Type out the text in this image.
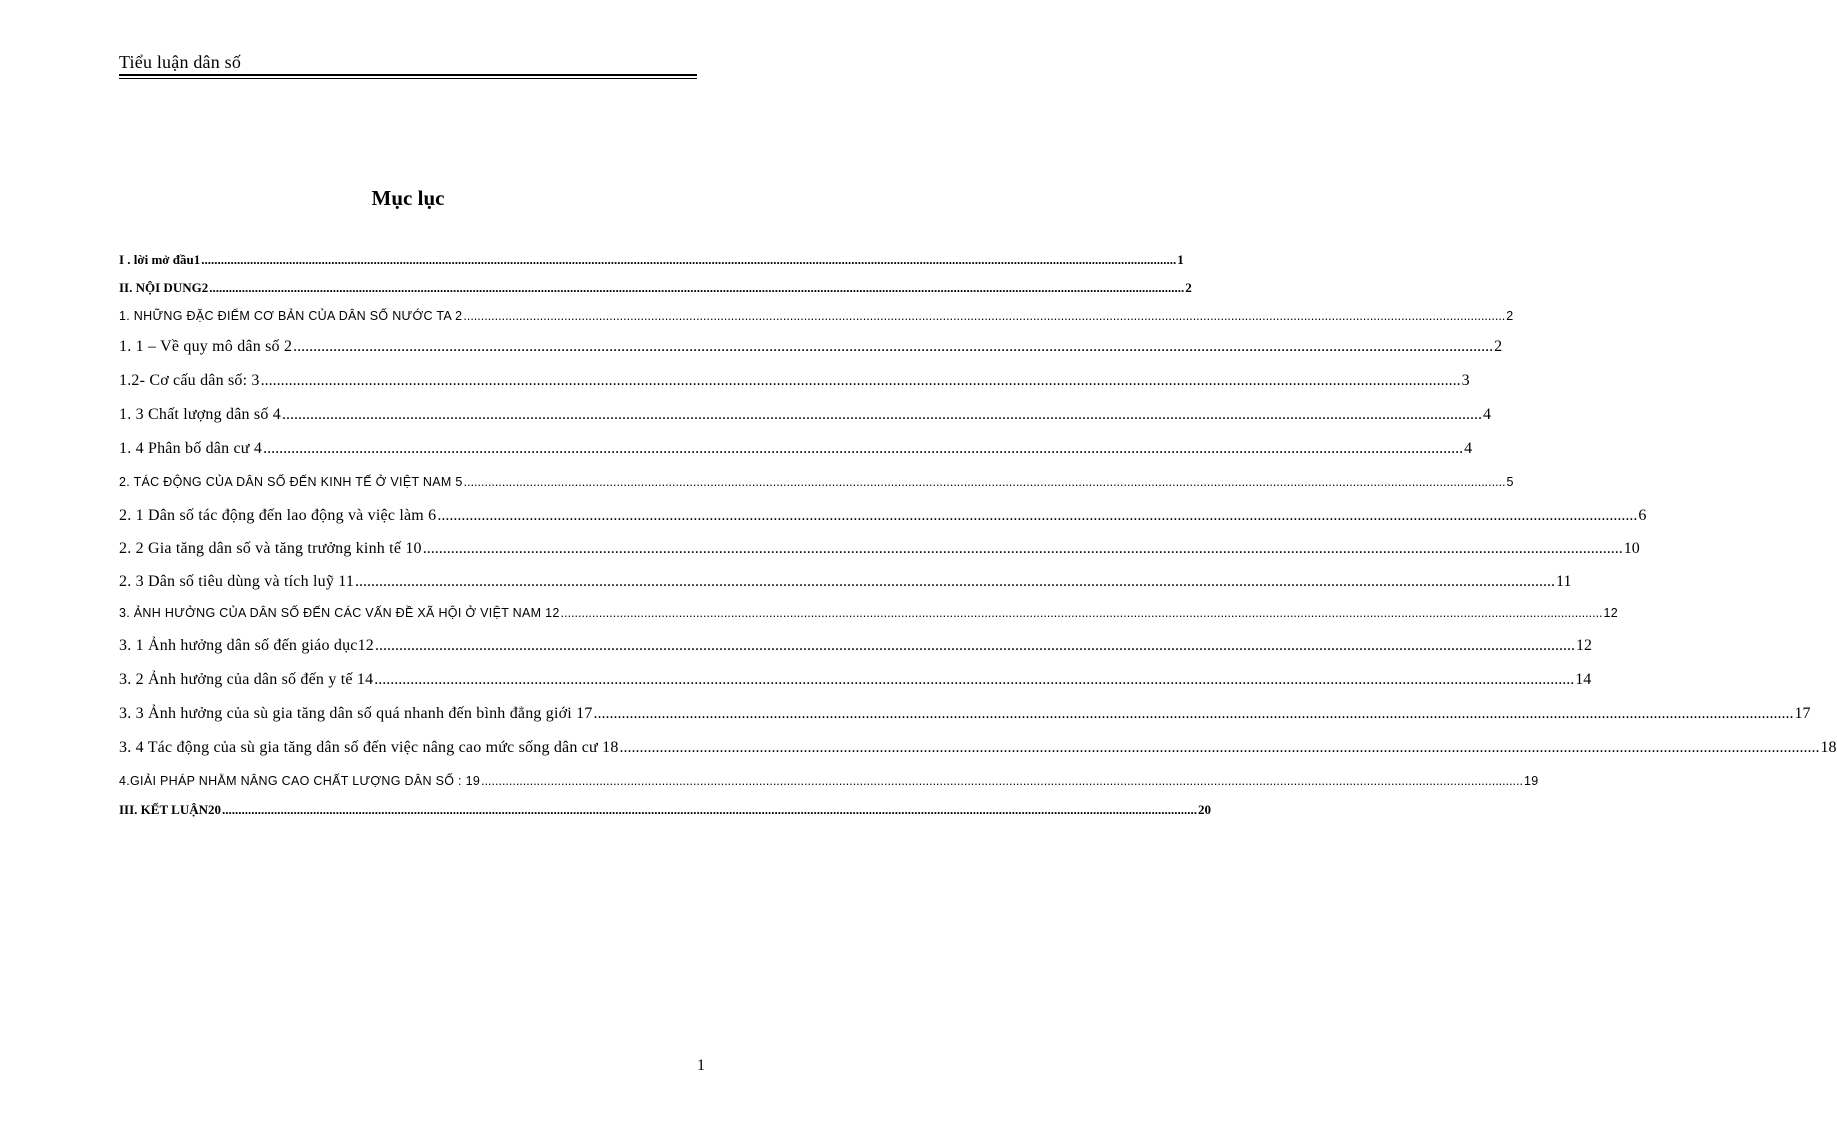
Tiểu luận dân số
Mục lục
I . lời mở đầu1 ............................................................................................................................................................................................................................................................................................................ 1
II. NỘI DUNG2 ............................................................................................................................................................................................................................................................................................................ 2
1. NHỮNG ĐẶC ĐIỂM CƠ BẢN CỦA DÂN SỐ NƯỚC TA 2 ............................................................................................................................................................................................................................................................................................................ 2
1. 1 – Về quy mô dân số 2 ............................................................................................................................................................................................................................................................................................................ 2
1.2- Cơ cấu dân số: 3 ............................................................................................................................................................................................................................................................................................................ 3
1. 3 Chất lượng dân số 4 ............................................................................................................................................................................................................................................................................................................ 4
1. 4 Phân bố dân cư 4 ............................................................................................................................................................................................................................................................................................................ 4
2. TÁC ĐỘNG CỦA DÂN SỐ ĐẾN KINH TẾ Ở VIỆT NAM 5 ............................................................................................................................................................................................................................................................................................................ 5
2. 1 Dân số tác động đến lao động và việc làm 6 ............................................................................................................................................................................................................................................................................................................ 6
2. 2 Gia tăng dân số và tăng trưởng kinh tế 10 ............................................................................................................................................................................................................................................................................................................ 10
2. 3 Dân số tiêu dùng và tích luỹ 11 ............................................................................................................................................................................................................................................................................................................ 11
3. ẢNH HƯỞNG CỦA DÂN SỐ ĐẾN CÁC VẤN ĐỀ XÃ HỘI Ở VIỆT NAM 12 ............................................................................................................................................................................................................................................................................................................ 12
3. 1 Ảnh hưởng dân số đến giáo dục12 ............................................................................................................................................................................................................................................................................................................ 12
3. 2 Ảnh hưởng của dân số đến y tế 14 ............................................................................................................................................................................................................................................................................................................ 14
3. 3 Ảnh hưởng của sù gia tăng dân số quá nhanh đến bình đẳng giới 17 ............................................................................................................................................................................................................................................................................................................ 17
3. 4 Tác động của sù gia tăng dân số đến việc nâng cao mức sống dân cư 18 ............................................................................................................................................................................................................................................................................................................ 18
4.GIẢI PHÁP NHẰM NÂNG CAO CHẤT LƯỢNG DÂN SỐ : 19 ............................................................................................................................................................................................................................................................................................................ 19
III. KẾT LUẬN20 ............................................................................................................................................................................................................................................................................................................ 20
1
